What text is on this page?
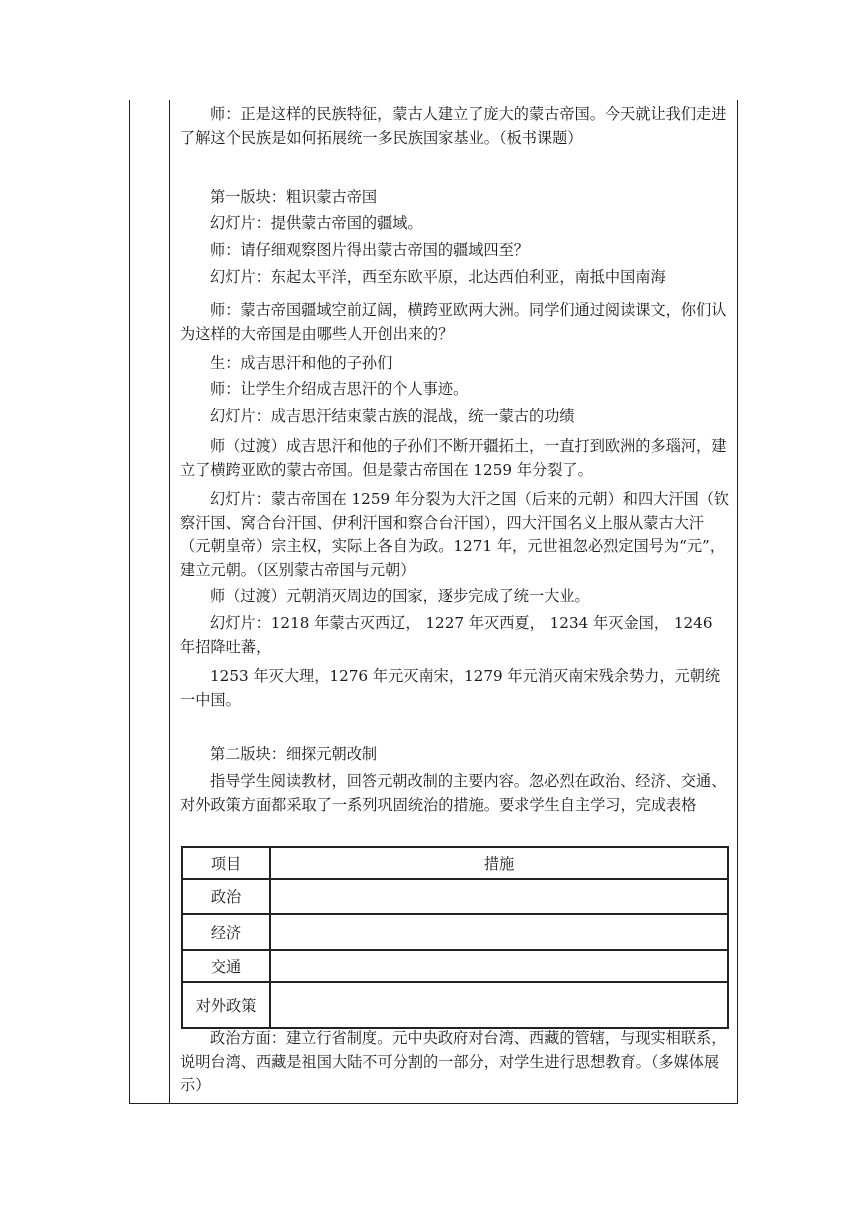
师：正是这样的民族特征，蒙古人建立了庞大的蒙古帝国。今天就让我们走进了解这个民族是如何拓展统一多民族国家基业。（板书课题）

第一版块：粗识蒙古帝国

幻灯片：提供蒙古帝国的疆域。

师：请仔细观察图片得出蒙古帝国的疆域四至？

幻灯片：东起太平洋，西至东欧平原，北达西伯利亚，南抵中国南海

师：蒙古帝国疆域空前辽阔，横跨亚欧两大洲。同学们通过阅读课文，你们认为这样的大帝国是由哪些人开创出来的？

生：成吉思汗和他的子孙们

师：让学生介绍成吉思汗的个人事迹。

幻灯片：成吉思汗结束蒙古族的混战，统一蒙古的功绩

师（过渡）成吉思汗和他的子孙们不断开疆拓土，一直打到欧洲的多瑙河，建立了横跨亚欧的蒙古帝国。但是蒙古帝国在 1259 年分裂了。

幻灯片：蒙古帝国在 1259 年分裂为大汗之国（后来的元朝）和四大汗国（钦察汗国、窝合台汗国、伊利汗国和察合台汗国），四大汗国名义上服从蒙古大汗（元朝皇帝）宗主权，实际上各自为政。1271 年，元世祖忽必烈定国号为“元”，建立元朝。（区别蒙古帝国与元朝）

师（过渡）元朝消灭周边的国家，逐步完成了统一大业。

幻灯片：1218 年蒙古灭西辽， 1227 年灭西夏， 1234 年灭金国， 1246 年招降吐蕃，

1253 年灭大理，1276 年元灭南宋，1279 年元消灭南宋残余势力，元朝统一中国。

第二版块：细探元朝改制

指导学生阅读教材，回答元朝改制的主要内容。忽必烈在政治、经济、交通、对外政策方面都采取了一系列巩固统治的措施。要求学生自主学习，完成表格

政治方面：建立行省制度。元中央政府对台湾、西藏的管辖，与现实相联系，说明台湾、西藏是祖国大陆不可分割的一部分，对学生进行思想教育。（多媒体展示）

项目	措施
政治
经济
交通
对外政策
